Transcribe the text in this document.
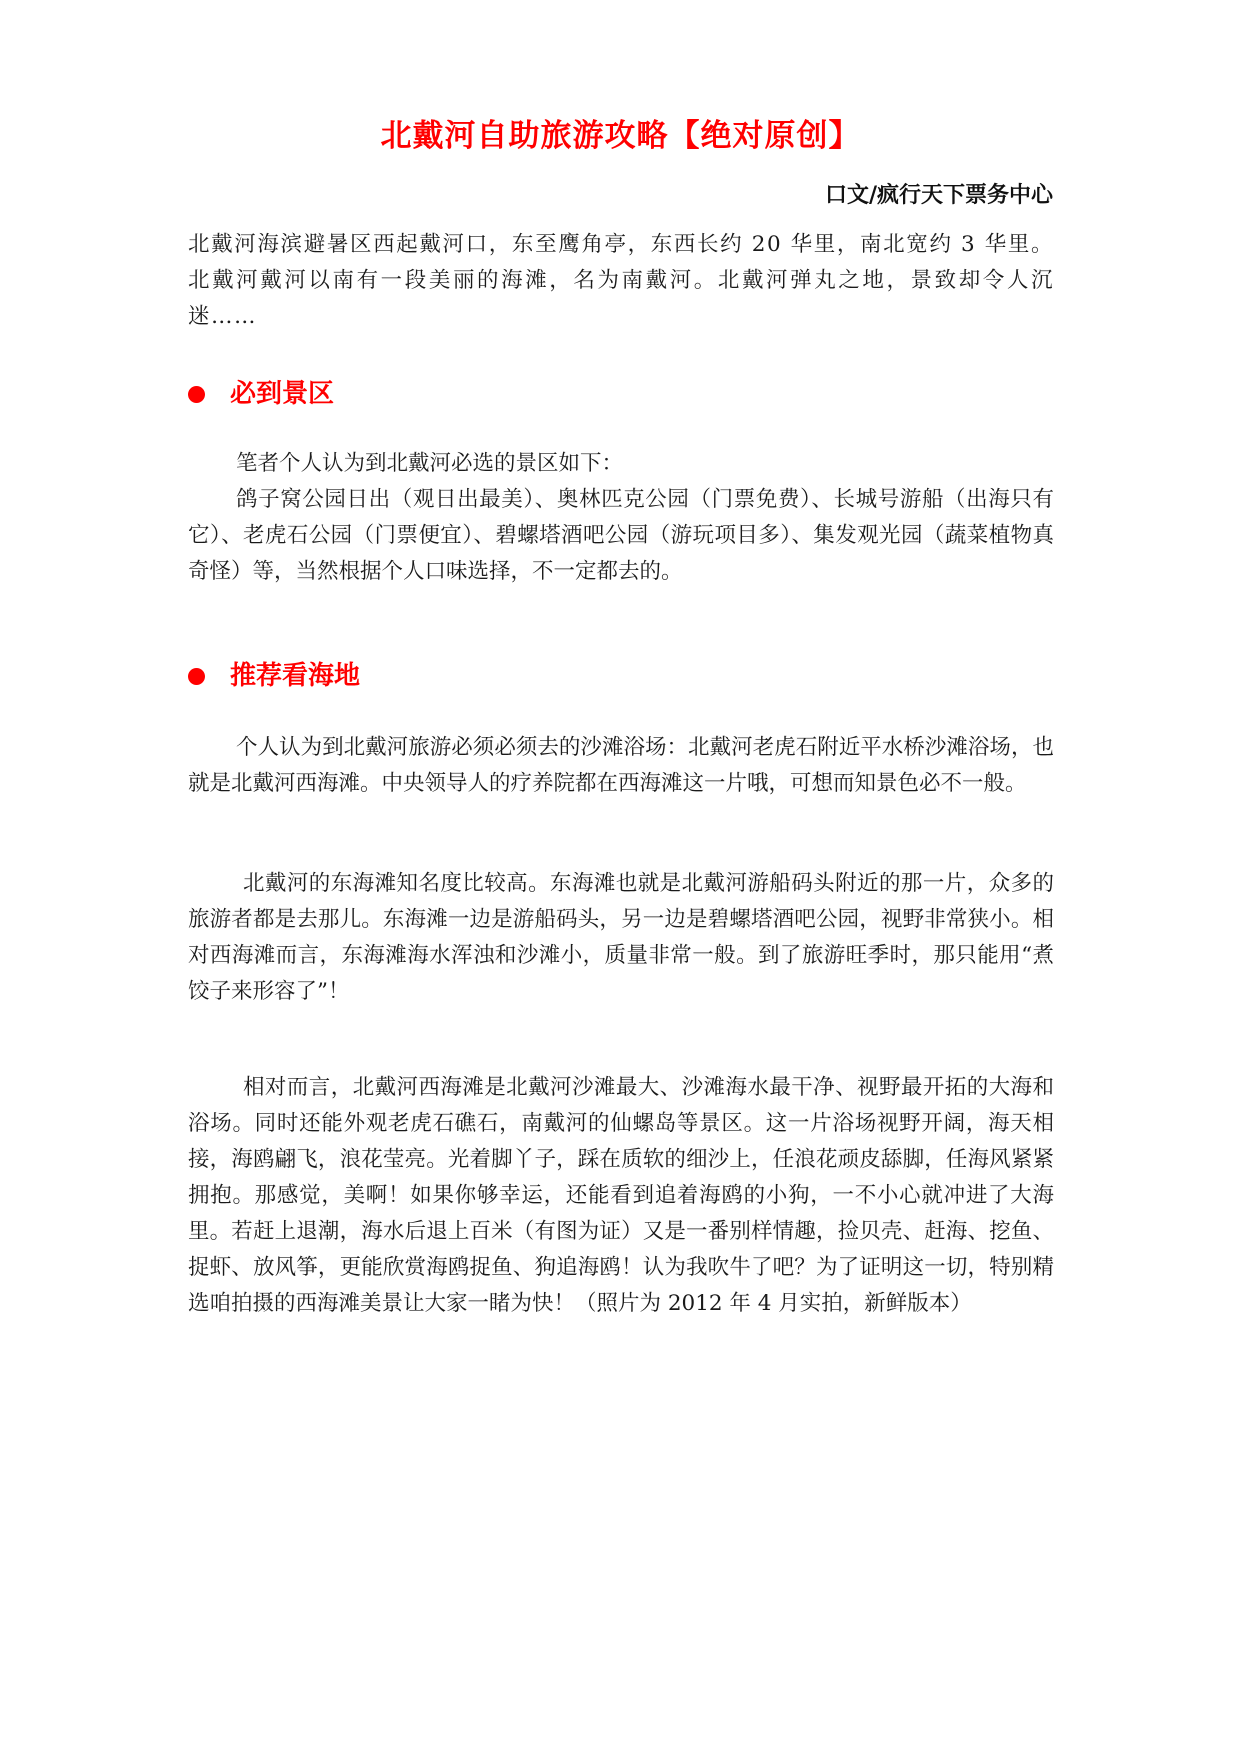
北戴河自助旅游攻略【绝对原创】
口文/疯行天下票务中心
北戴河海滨避暑区西起戴河口，东至鹰角亭，东西长约 20 华里，南北宽约 3 华里。北戴河戴河以南有一段美丽的海滩，名为南戴河。北戴河弹丸之地，景致却令人沉迷……
必到景区

笔者个人认为到北戴河必选的景区如下：

鸽子窝公园日出（观日出最美）、奥林匹克公园（门票免费）、长城号游船（出海只有它）、老虎石公园（门票便宜）、碧螺塔酒吧公园（游玩项目多）、集发观光园（蔬菜植物真奇怪）等，当然根据个人口味选择，不一定都去的。

推荐看海地

个人认为到北戴河旅游必须必须去的沙滩浴场：北戴河老虎石附近平水桥沙滩浴场，也就是北戴河西海滩。中央领导人的疗养院都在西海滩这一片哦，可想而知景色必不一般。

北戴河的东海滩知名度比较高。东海滩也就是北戴河游船码头附近的那一片，众多的旅游者都是去那儿。东海滩一边是游船码头，另一边是碧螺塔酒吧公园，视野非常狭小。相对西海滩而言，东海滩海水浑浊和沙滩小，质量非常一般。到了旅游旺季时，那只能用“煮饺子来形容了”！

相对而言，北戴河西海滩是北戴河沙滩最大、沙滩海水最干净、视野最开拓的大海和浴场。同时还能外观老虎石礁石，南戴河的仙螺岛等景区。这一片浴场视野开阔，海天相接，海鸥翩飞，浪花莹亮。光着脚丫子，踩在质软的细沙上，任浪花顽皮舔脚，任海风紧紧拥抱。那感觉，美啊！如果你够幸运，还能看到追着海鸥的小狗，一不小心就冲进了大海里。若赶上退潮，海水后退上百米（有图为证）又是一番别样情趣，捡贝壳、赶海、挖鱼、捉虾、放风筝，更能欣赏海鸥捉鱼、狗追海鸥！认为我吹牛了吧？为了证明这一切，特别精选咱拍摄的西海滩美景让大家一睹为快！（照片为 2012 年 4 月实拍，新鲜版本）
